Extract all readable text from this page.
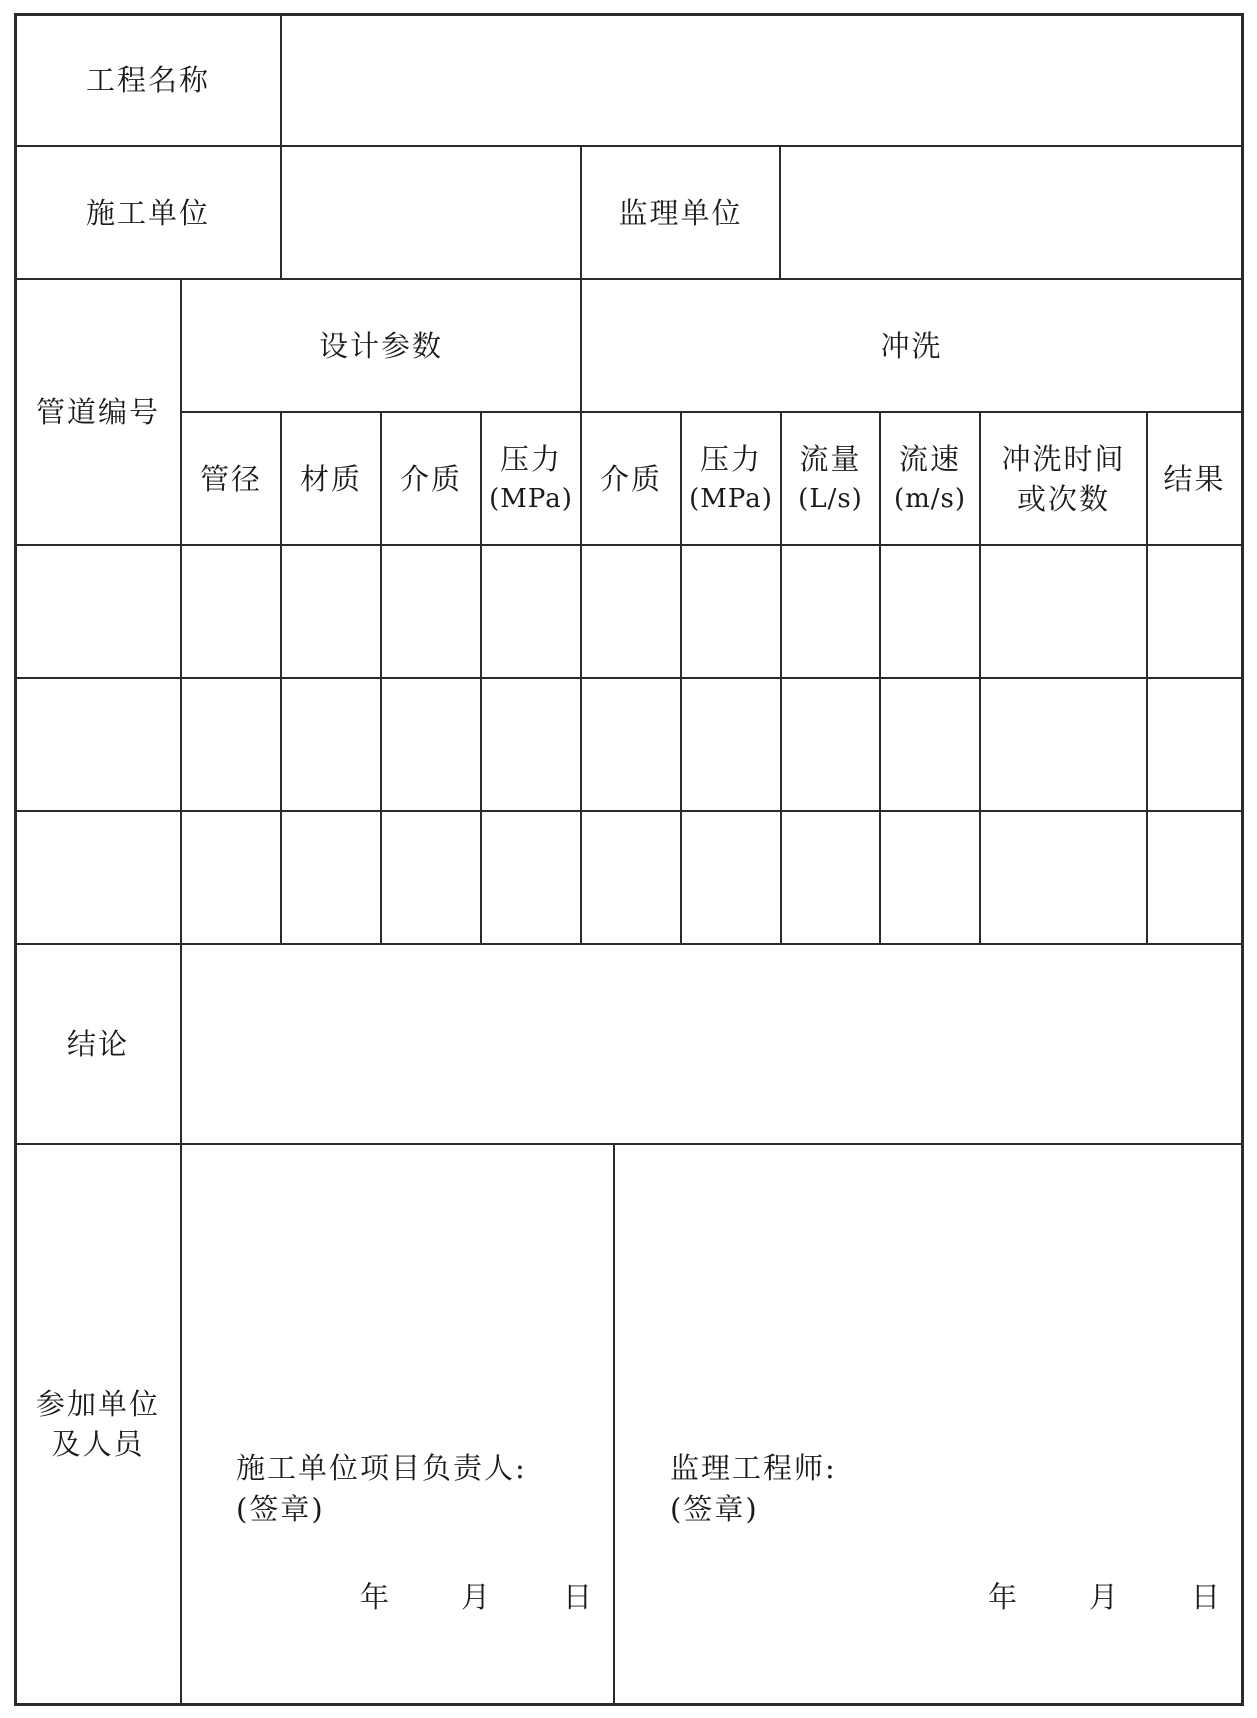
工程名称
施工单位	监理单位
管道编号
设计参数	冲洗
管径 材质 介质
压力
(MPa)
介质
压力
(MPa)
流量
(L/s)
流速
(m/s)
冲洗时间
或次数
结果
结论
参加单位
及人员
施工单位项目负责人:
(签章)
年 月 日
监理工程师:
(签章)
年 月 日
